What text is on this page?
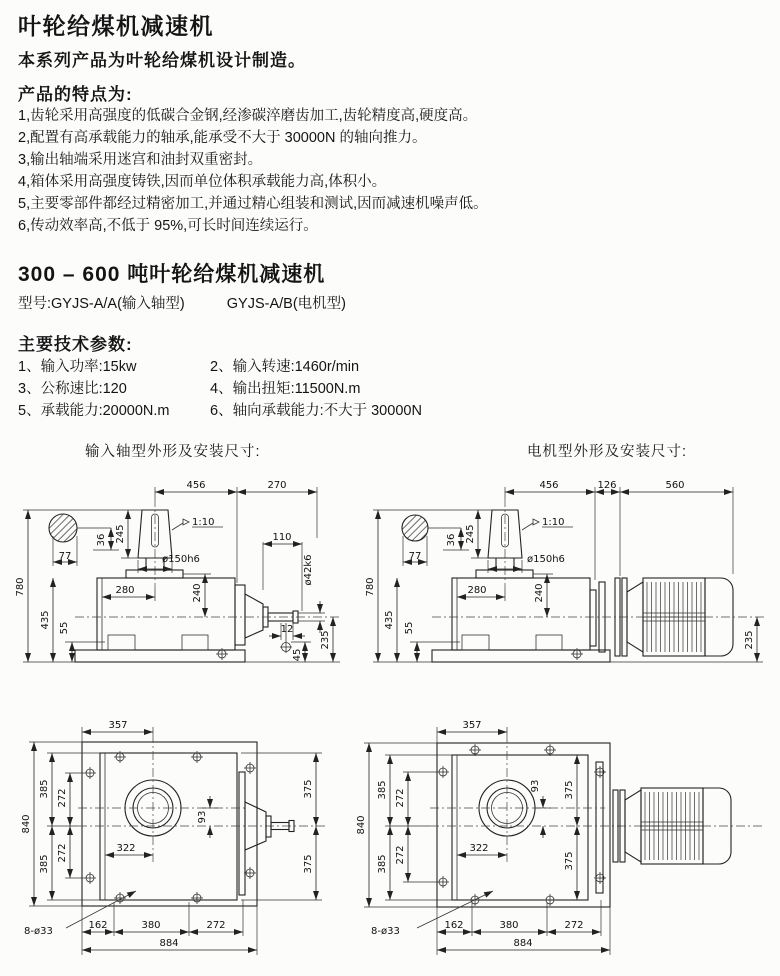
叶轮给煤机减速机
本系列产品为叶轮给煤机设计制造。
产品的特点为:
1,齿轮采用高强度的低碳合金钢,经渗碳淬磨齿加工,齿轮精度高,硬度高。
2,配置有高承载能力的轴承,能承受不大于 30000N 的轴向推力。
3,输出轴端采用迷宫和油封双重密封。
4,箱体采用高强度铸铁,因而单位体积承载能力高,体积小。
5,主要零部件都经过精密加工,并通过精心组装和测试,因而减速机噪声低。
6,传动效率高,不低于 95%,可长时间连续运行。
300 – 600 吨叶轮给煤机减速机
型号:GYJS-A/A(输入轴型)	GYJS-A/B(电机型)
主要技术参数:
1、输入功率:15kw	2、输入转速:1460r/min
3、公称速比:120	4、输出扭矩:11500N.m
5、承载能力:20000N.m	6、轴向承载能力:不大于 30000N
输入轴型外形及安装尺寸:	电机型外形及安装尺寸:
456	270
780
245
36
77	ø150h6
1:10
110
ø42k6
12
45
235
435 55
280	240
456	126	560
780
245
36
77	ø150h6
1:10
435 55
280	240
235
357
840
385
385
272
272	322
93
375
375
8-ø33
162	380	272
884
357
840
385
385
272
272	322
93 375
375
8-ø33
162	380	272
884
